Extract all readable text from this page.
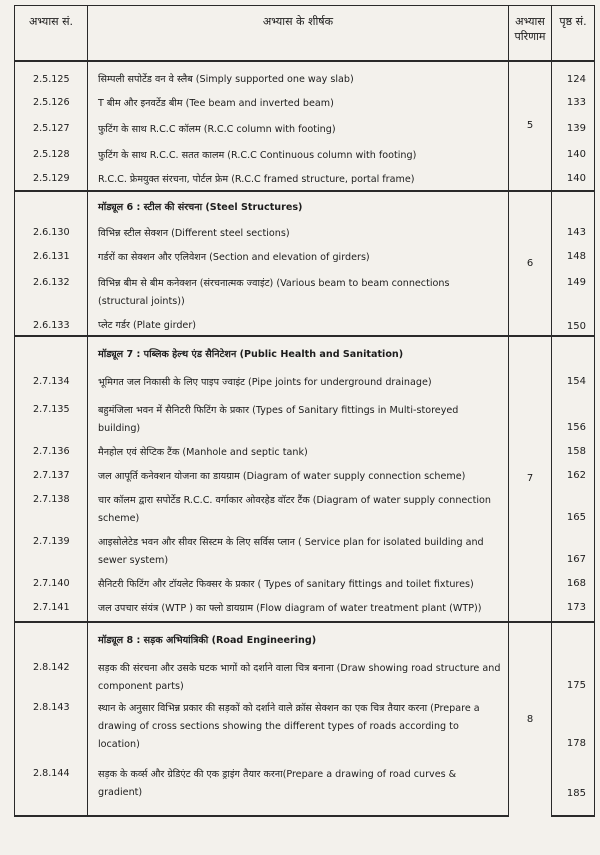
अभ्यास सं.	अभ्यास के शीर्षक	अभ्यास परिणाम	पृष्ठ सं.
2.5.125	सिम्पली सपोर्टेड वन वे स्लैब (Simply supported one way slab)	5	124
2.5.126	T बीम और इनवर्टेड बीम (Tee beam and inverted beam)		133
2.5.127	फुटिंग के साथ R.C.C कॉलम (R.C.C column with footing)		139
2.5.128	फुटिंग के साथ R.C.C. सतत कालम (R.C.C Continuous column with footing)		140
2.5.129	R.C.C. फ्रेमयुक्त संरचना, पोर्टल फ्रेम (R.C.C framed structure, portal frame)		140
	मॉड्यूल 6 : स्टील की संरचना (Steel Structures)	6	
2.6.130	विभिन्न स्टील सेक्शन (Different steel sections)		143
2.6.131	गर्डरों का सेक्शन और एलिवेशन (Section and elevation of girders)		148
2.6.132	विभिन्न बीम से बीम कनेक्शन (संरचनात्मक ज्वाइंट) (Various beam to beam connections (structural joints))		149
2.6.133	प्लेट गर्डर (Plate girder)		150
	मॉड्यूल 7 : पब्लिक हेल्थ एंड सैनिटेशन (Public Health and Sanitation)	7	
2.7.134	भूमिगत जल निकासी के लिए पाइप ज्वाइंट (Pipe joints for underground drainage)		154
2.7.135	बहुमंजिला भवन में सैनिटरी फिटिंग के प्रकार (Types of Sanitary fittings in Multi-storeyed building)		156
2.7.136	मैनहोल एवं सेप्टिक टैंक (Manhole and septic tank)		158
2.7.137	जल आपूर्ति कनेक्शन योजना का डायग्राम (Diagram of water supply connection scheme)		162
2.7.138	चार कॉलम द्वारा सपोर्टेड R.C.C. वर्गाकार ओवरहेड वॉटर टैंक (Diagram of water supply connection scheme)		165
2.7.139	आइसोलेटेड भवन और सीवर सिस्टम के लिए सर्विस प्लान ( Service plan for isolated building and sewer system)		167
2.7.140	सैनिटरी फिटिंग और टॉयलेट फिक्सर के प्रकार ( Types of sanitary fittings and toilet fixtures)		168
2.7.141	जल उपचार संयंत्र (WTP ) का फ्लो डायग्राम (Flow diagram of water treatment plant (WTP))		173
	मॉड्यूल 8 : सड़क अभियांत्रिकी (Road Engineering)	8	
2.8.142	सड़क की संरचना और उसके घटक भागों को दर्शाने वाला चित्र बनाना (Draw showing road structure and component parts)		175
2.8.143	स्थान के अनुसार विभिन्न प्रकार की सड़कों को दर्शाने वाले क्रॉस सेक्शन का एक चित्र तैयार करना (Prepare a drawing of cross sections showing the different types of roads according to location)		178
2.8.144	सड़क के कर्व्स और ग्रेडिएंट की एक ड्राइंग तैयार करना(Prepare a drawing of road curves & gradient)		185
